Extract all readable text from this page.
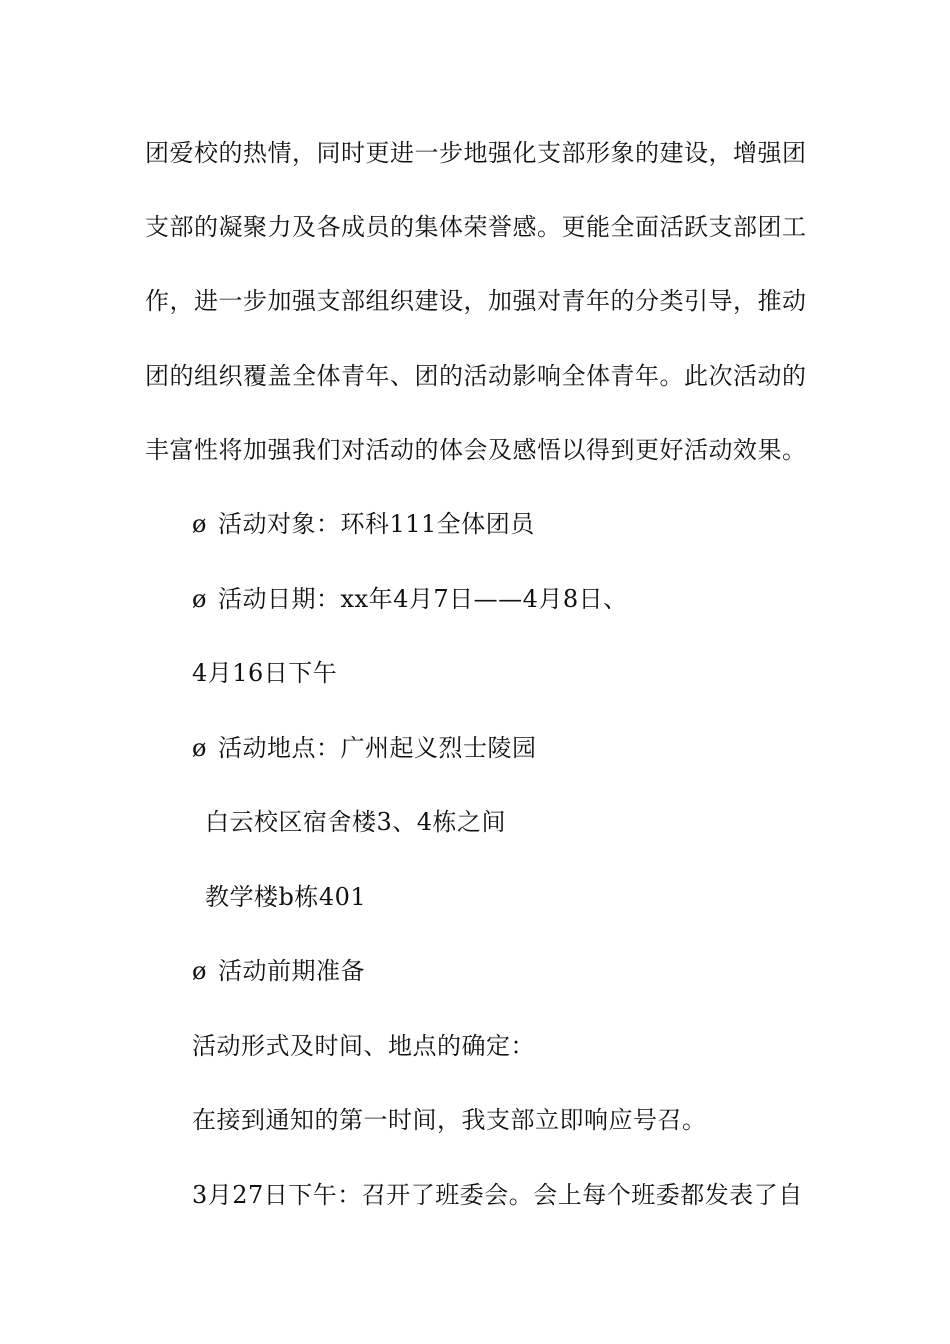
团爱校的热情，同时更进一步地强化支部形象的建设，增强团
支部的凝聚力及各成员的集体荣誉感。更能全面活跃支部团工
作，进一步加强支部组织建设，加强对青年的分类引导，推动
团的组织覆盖全体青年、团的活动影响全体青年。此次活动的
丰富性将加强我们对活动的体会及感悟以得到更好活动效果。
ø 活动对象：环科111全体团员
ø 活动日期：xx年4月7日——4月8日、
4月16日下午
ø 活动地点：广州起义烈士陵园
白云校区宿舍楼3、4栋之间
教学楼b栋401
ø 活动前期准备
活动形式及时间、地点的确定：
在接到通知的第一时间，我支部立即响应号召。
3月27日下午：召开了班委会。会上每个班委都发表了自
